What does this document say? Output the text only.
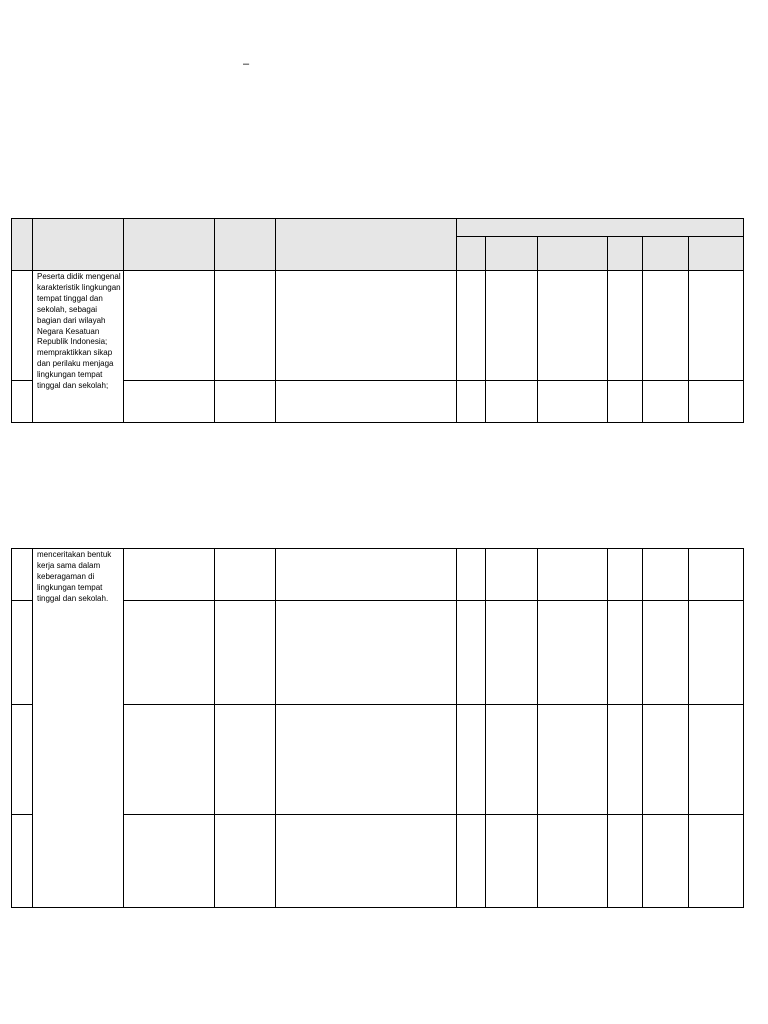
–

	Peserta didik mengenal karakteristik lingkungan tempat tinggal dan sekolah, sebagai bagian dari wilayah Negara Kesatuan Republik Indonesia; mempraktikkan sikap dan perilaku menjaga lingkungan tempat tinggal dan sekolah;									

	menceritakan bentuk kerja sama dalam keberagaman di lingkungan tempat tinggal dan sekolah.									
